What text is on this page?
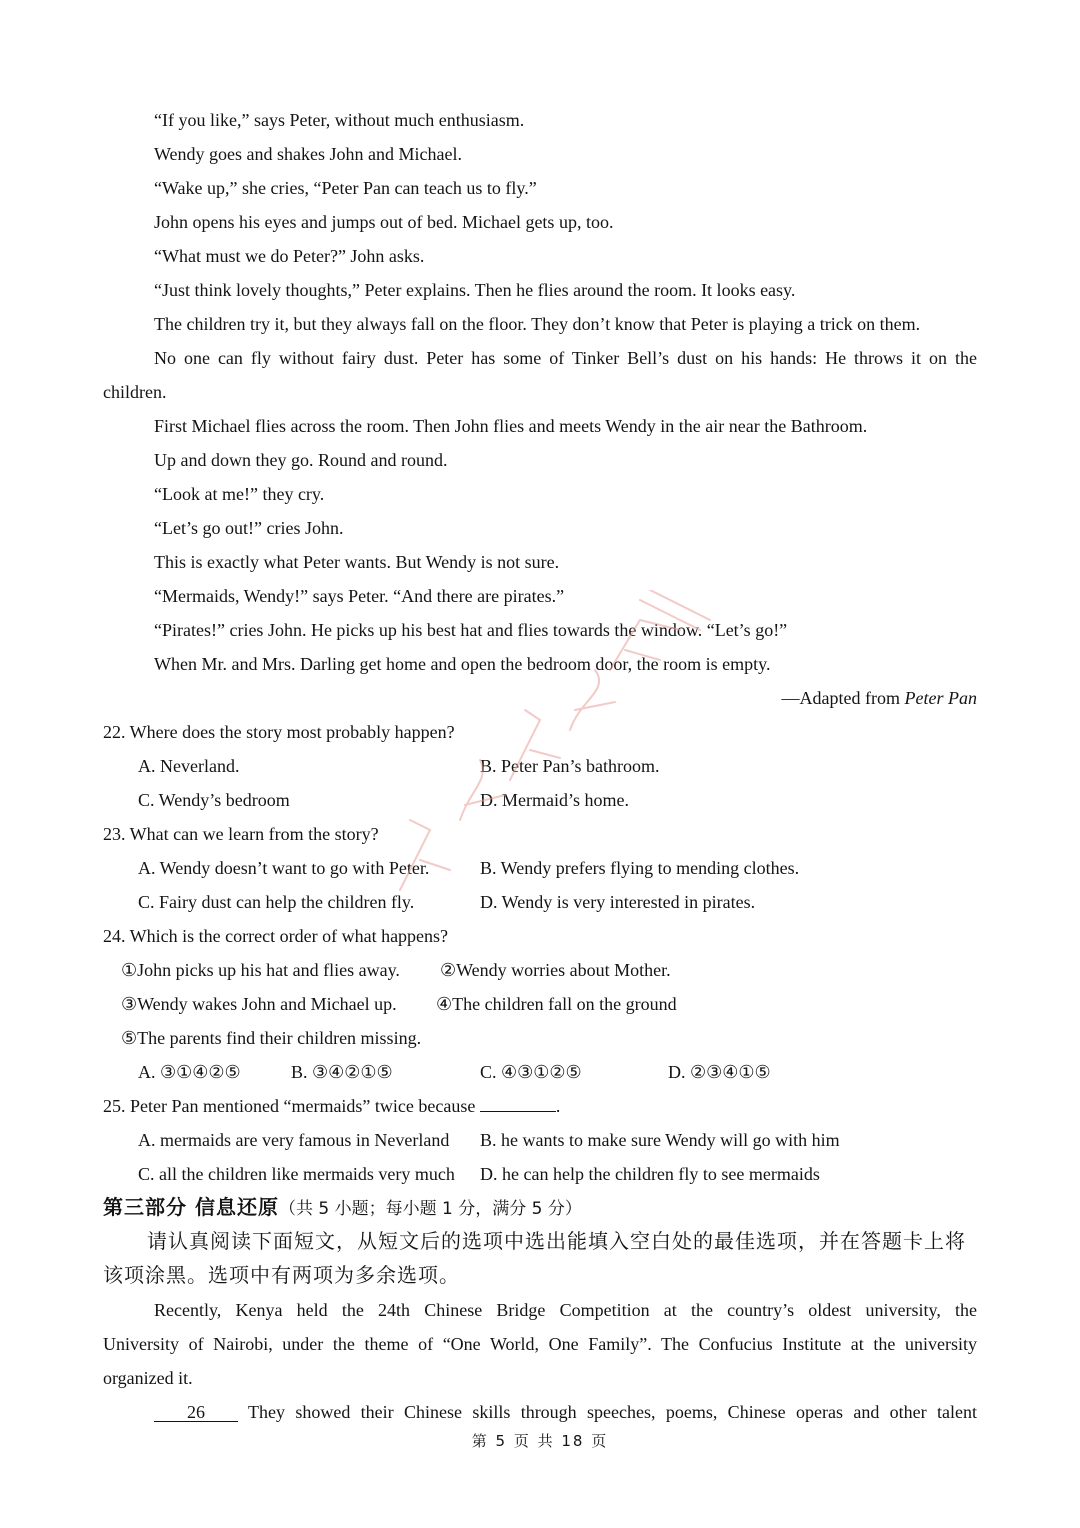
“If you like,” says Peter, without much enthusiasm.
Wendy goes and shakes John and Michael.
“Wake up,” she cries, “Peter Pan can teach us to fly.”
John opens his eyes and jumps out of bed. Michael gets up, too.
“What must we do Peter?” John asks.
“Just think lovely thoughts,” Peter explains. Then he flies around the room. It looks easy.
The children try it, but they always fall on the floor. They don’t know that Peter is playing a trick on them.
No one can fly without fairy dust. Peter has some of Tinker Bell’s dust on his hands: He throws it on the
children.
First Michael flies across the room. Then John flies and meets Wendy in the air near the Bathroom.
Up and down they go. Round and round.
“Look at me!” they cry.
“Let’s go out!” cries John.
This is exactly what Peter wants. But Wendy is not sure.
“Mermaids, Wendy!” says Peter. “And there are pirates.”
“Pirates!” cries John. He picks up his best hat and flies towards the window. “Let’s go!”
When Mr. and Mrs. Darling get home and open the bedroom door, the room is empty.
—Adapted from Peter Pan
22. Where does the story most probably happen?
A. Neverland.	B. Peter Pan’s bathroom.
C. Wendy’s bedroom	D. Mermaid’s home.
23. What can we learn from the story?
A. Wendy doesn’t want to go with Peter.	B. Wendy prefers flying to mending clothes.
C. Fairy dust can help the children fly.	D. Wendy is very interested in pirates.
24. Which is the correct order of what happens?
①John picks up his hat and flies away. ②Wendy worries about Mother.
③Wendy wakes John and Michael up. ④The children fall on the ground
⑤The parents find their children missing.
A. ③①④②⑤	B. ③④②①⑤	C. ④③①②⑤	D. ②③④①⑤
25. Peter Pan mentioned “mermaids” twice because	.
A. mermaids are very famous in Neverland B. he wants to make sure Wendy will go with him
C. all the children like mermaids very much D. he can help the children fly to see mermaids
第三部分 信息还原（共 5 小题；每小题 1 分，满分 5 分）
请认真阅读下面短文，从短文后的选项中选出能填入空白处的最佳选项，并在答题卡上将
该项涂黑。选项中有两项为多余选项。
Recently, Kenya held the 24th Chinese Bridge Competition at the country’s oldest university, the
University of Nairobi, under the theme of “One World, One Family”. The Confucius Institute at the university
organized it.
26	They showed their Chinese skills through speeches, poems, Chinese operas and other talent
第 5 页 共 18 页
